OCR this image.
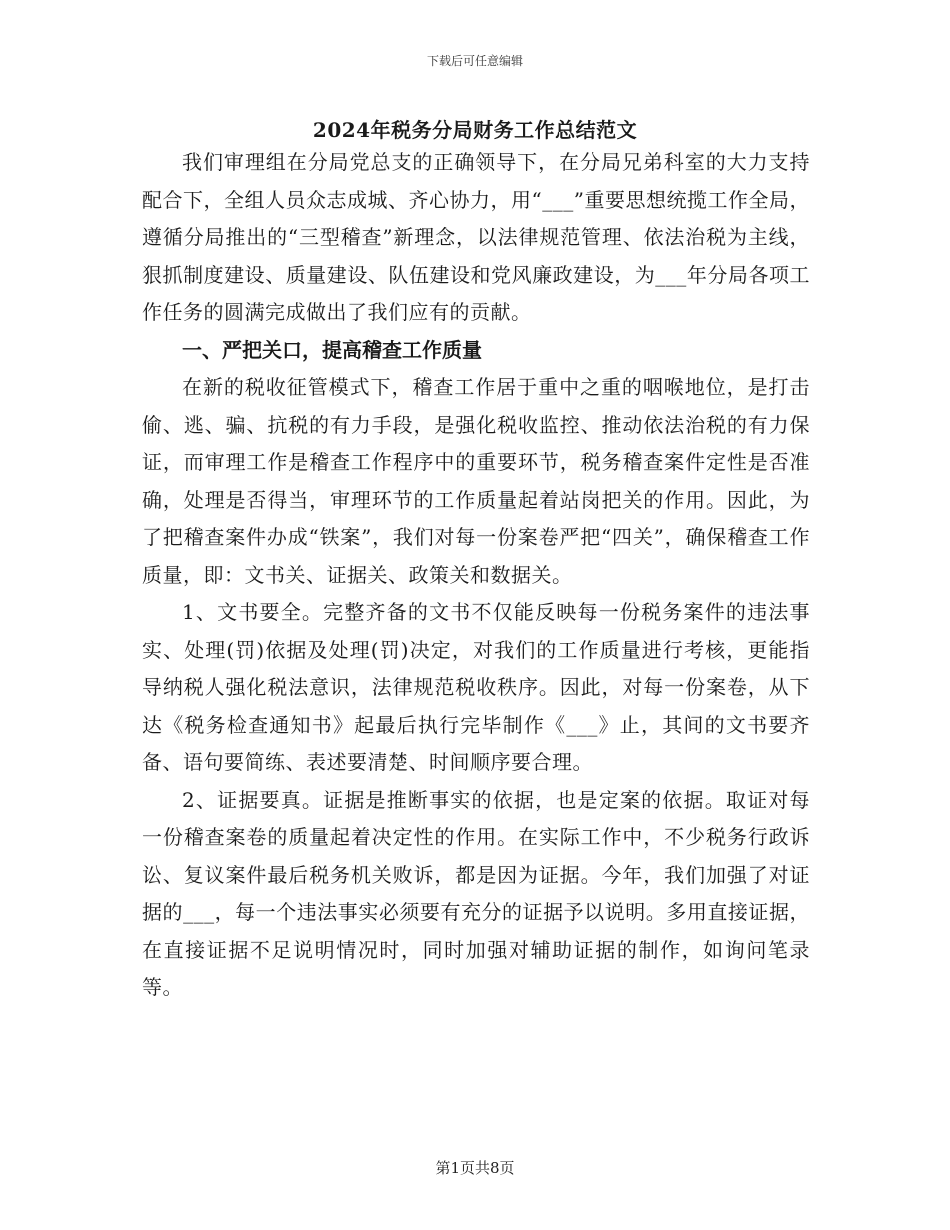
下载后可任意编辑
2024年税务分局财务工作总结范文

我们审理组在分局党总支的正确领导下，在分局兄弟科室的大力支持配合下，全组人员众志成城、齐心协力，用“___”重要思想统揽工作全局，遵循分局推出的“三型稽查”新理念，以法律规范管理、依法治税为主线，狠抓制度建设、质量建设、队伍建设和党风廉政建设，为___年分局各项工作任务的圆满完成做出了我们应有的贡献。

一、严把关口，提高稽查工作质量

在新的税收征管模式下，稽查工作居于重中之重的咽喉地位，是打击偷、逃、骗、抗税的有力手段，是强化税收监控、推动依法治税的有力保证，而审理工作是稽查工作程序中的重要环节，税务稽查案件定性是否准确，处理是否得当，审理环节的工作质量起着站岗把关的作用。因此，为了把稽查案件办成“铁案”，我们对每一份案卷严把“四关”，确保稽查工作质量，即：文书关、证据关、政策关和数据关。

1、文书要全。完整齐备的文书不仅能反映每一份税务案件的违法事实、处理(罚)依据及处理(罚)决定，对我们的工作质量进行考核，更能指导纳税人强化税法意识，法律规范税收秩序。因此，对每一份案卷，从下达《税务检查通知书》起最后执行完毕制作《___》止，其间的文书要齐备、语句要简练、表述要清楚、时间顺序要合理。

2、证据要真。证据是推断事实的依据，也是定案的依据。取证对每一份稽查案卷的质量起着决定性的作用。在实际工作中，不少税务行政诉讼、复议案件最后税务机关败诉，都是因为证据。今年，我们加强了对证据的___，每一个违法事实必须要有充分的证据予以说明。多用直接证据，在直接证据不足说明情况时，同时加强对辅助证据的制作，如询问笔录等。

第1页共8页
